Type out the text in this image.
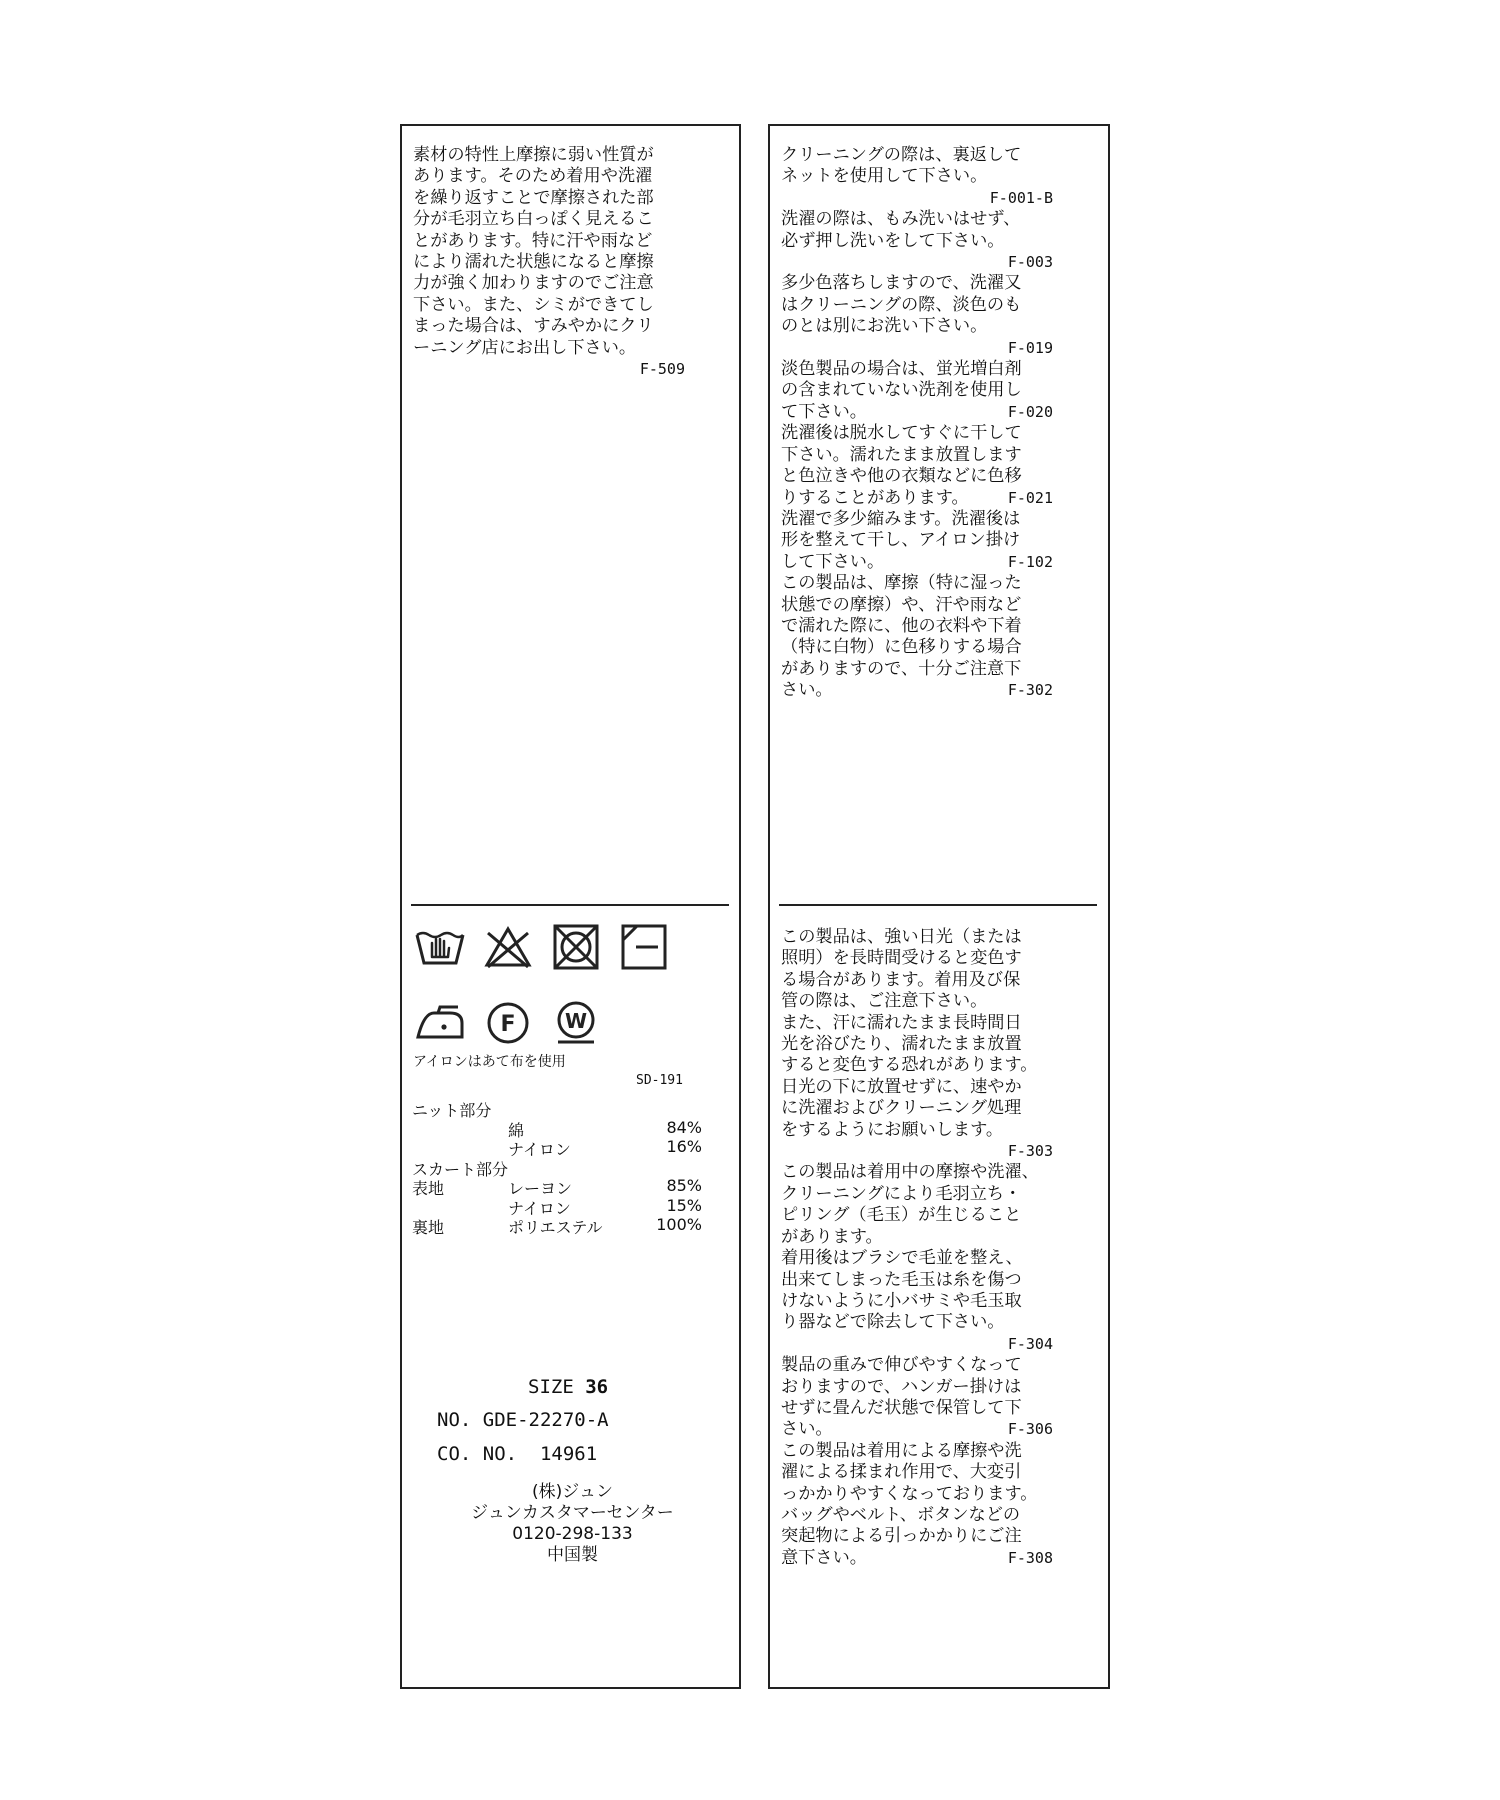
素材の特性上摩擦に弱い性質が

あります。そのため着用や洗濯

を繰り返すことで摩擦された部

分が毛羽立ち白っぽく見えるこ

とがあります。特に汗や雨など

により濡れた状態になると摩擦

力が強く加わりますのでご注意

下さい。また、シミができてし

まった場合は、すみやかにクリ

ーニング店にお出し下さい。

F-509

F W
アイロンはあて布を使用
SD-191
ニット部分
綿	84%
ナイロン	16%
スカート部分
表地	レーヨン	85%
ナイロン	15%
裏地	ポリエステル	100%
SIZE 36
NO. GDE-22270-A
CO. NO.  14961

(株)ジュン

ジュンカスタマーセンター

0120-298-133

中国製

クリーニングの際は、裏返して

ネットを使用して下さい。

F-001-B

洗濯の際は、もみ洗いはせず、

必ず押し洗いをして下さい。

F-003

多少色落ちしますので、洗濯又

はクリーニングの際、淡色のも

のとは別にお洗い下さい。

F-019

淡色製品の場合は、蛍光増白剤

の含まれていない洗剤を使用し

て下さい。	F-020

洗濯後は脱水してすぐに干して

下さい。濡れたまま放置します

と色泣きや他の衣類などに色移

りすることがあります。	F-021

洗濯で多少縮みます。洗濯後は

形を整えて干し、アイロン掛け

して下さい。	F-102

この製品は、摩擦（特に湿った

状態での摩擦）や、汗や雨など

で濡れた際に、他の衣料や下着

（特に白物）に色移りする場合

がありますので、十分ご注意下

さい。	F-302

この製品は、強い日光（または

照明）を長時間受けると変色す

る場合があります。着用及び保

管の際は、ご注意下さい。

また、汗に濡れたまま長時間日

光を浴びたり、濡れたまま放置

すると変色する恐れがあります。

日光の下に放置せずに、速やか

に洗濯およびクリーニング処理

をするようにお願いします。

F-303

この製品は着用中の摩擦や洗濯、

クリーニングにより毛羽立ち・

ピリング（毛玉）が生じること

があります。

着用後はブラシで毛並を整え、

出来てしまった毛玉は糸を傷つ

けないように小バサミや毛玉取

り器などで除去して下さい。

F-304

製品の重みで伸びやすくなって

おりますので、ハンガー掛けは

せずに畳んだ状態で保管して下

さい。	F-306

この製品は着用による摩擦や洗

濯による揉まれ作用で、大変引

っかかりやすくなっております。

バッグやベルト、ボタンなどの

突起物による引っかかりにご注

意下さい。	F-308
